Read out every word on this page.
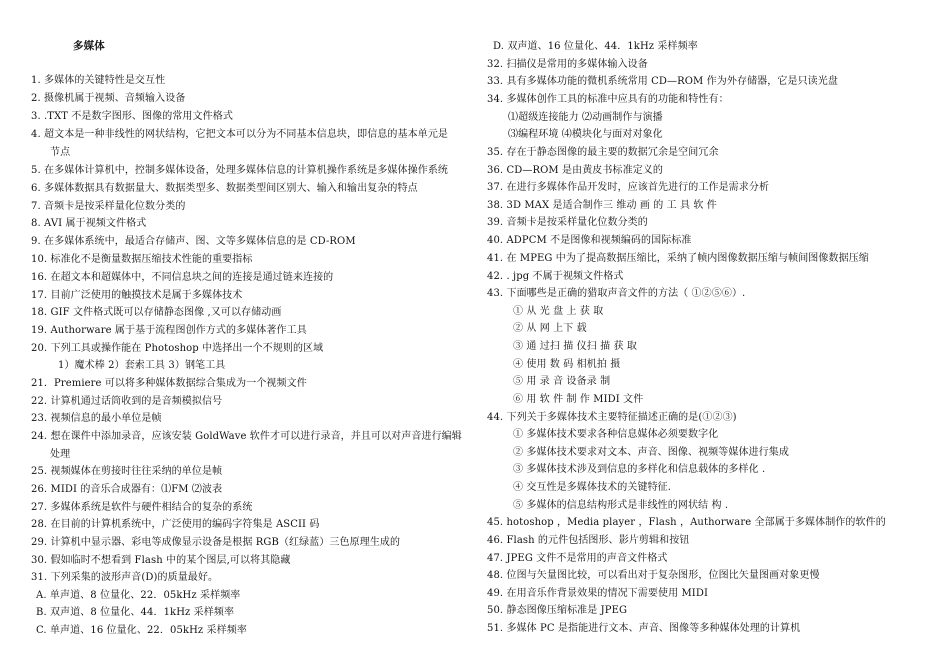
多媒体
1. 多媒体的关键特性是交互性
2. 摄像机属于视频、音频输入设备
3. .TXT 不是数字图形、图像的常用文件格式
4. 超文本是一种非线性的网状结构，它把文本可以分为不同基本信息块，即信息的基本单元是
节点
5. 在多媒体计算机中，控制多媒体设备，处理多媒体信息的计算机操作系统是多媒体操作系统
6. 多媒体数据具有数据量大、数据类型多、数据类型间区别大、输入和输出复杂的特点
7. 音频卡是按采样量化位数分类的
8. AVI 属于视频文件格式
9. 在多媒体系统中，最适合存储声、图、文等多媒体信息的是 CD-ROM
10. 标准化不是衡量数据压缩技术性能的重要指标
16. 在超文本和超媒体中，不同信息块之间的连接是通过链来连接的
17. 目前广泛使用的触摸技术是属于多媒体技术
18. GIF 文件格式既可以存储静态图像 ,又可以存储动画
19. Authorware 属于基于流程图创作方式的多媒体著作工具
20. 下列工具或操作能在 Photoshop 中选择出一个不规则的区域
1）魔术棒 2）套索工具 3）钢笔工具
21．Premiere 可以将多种媒体数据综合集成为一个视频文件
22. 计算机通过话筒收到的是音频模拟信号
23. 视频信息的最小单位是帧
24. 想在课件中添加录音，应该安装 GoldWave 软件才可以进行录音，并且可以对声音进行编辑
处理
25. 视频媒体在剪接时往往采纳的单位是帧
26. MIDI 的音乐合成器有：⑴FM ⑵波表
27. 多媒体系统是软件与硬件相结合的复杂的系统
28. 在目前的计算机系统中，广泛使用的编码字符集是 ASCII 码
29. 计算机中显示器、彩电等成像显示设备是根据 RGB（红绿蓝）三色原理生成的
30. 假如临时不想看到 Flash 中的某个图层,可以将其隐藏
31. 下列采集的波形声音(D)的质量最好。
A. 单声道、8 位量化、22．05kHz 采样频率
B. 双声道、8 位量化、44．1kHz 采样频率
C. 单声道、16 位量化、22．05kHz 采样频率
D. 双声道、16 位量化、44．1kHz 采样频率
32. 扫描仪是常用的多媒体输入设备
33. 具有多媒体功能的微机系统常用 CD—ROM 作为外存储器，它是只读光盘
34. 多媒体创作工具的标准中应具有的功能和特性有：
⑴超级连接能力 ⑵动画制作与演播
⑶编程环境 ⑷模块化与面对对象化
35. 存在于静态图像的最主要的数据冗余是空间冗余
36. CD—ROM 是由黄皮书标准定义的
37. 在进行多媒体作品开发时，应该首先进行的工作是需求分析
38. 3D MAX 是适合制作三 维动 画 的 工 具 软 件
39. 音频卡是按采样量化位数分类的
40. ADPCM 不是图像和视频编码的国际标准
41. 在 MPEG 中为了提高数据压缩比，采纳了帧内图像数据压缩与帧间图像数据压缩
42. . jpg 不属于视频文件格式
43. 下面哪些是正确的猎取声音文件的方法（ ①②⑤⑥）.
① 从 光 盘 上 获 取
② 从 网 上下 载
③ 通 过扫 描 仪扫 描 获 取
④ 使用 数 码 相机拍 摄
⑤ 用 录 音 设备录 制
⑥ 用 软 件 制 作 MIDI 文件
44. 下列关于多媒体技术主要特征描述正确的是(①②③)
① 多媒体技术要求各种信息媒体必须要数字化
② 多媒体技术要求对文本、声音、图像、视频等媒体进行集成
③ 多媒体技术涉及到信息的多样化和信息载体的多样化 .
④ 交互性是多媒体技术的关键特征.
⑤ 多媒体的信息结构形式是非线性的网状结 构 .
45. hotoshop ，Media player ，Flash ，Authorware 全部属于多媒体制作的软件的
46. Flash 的元件包括图形、影片剪辑和按钮
47. JPEG 文件不是常用的声音文件格式
48. 位图与矢量图比较，可以看出对于复杂图形，位图比矢量图画对象更慢
49. 在用音乐作背景效果的情况下需要使用 MIDI
50. 静态图像压缩标准是 JPEG
51. 多媒体 PC 是指能进行文本、声音、图像等多种媒体处理的计算机
